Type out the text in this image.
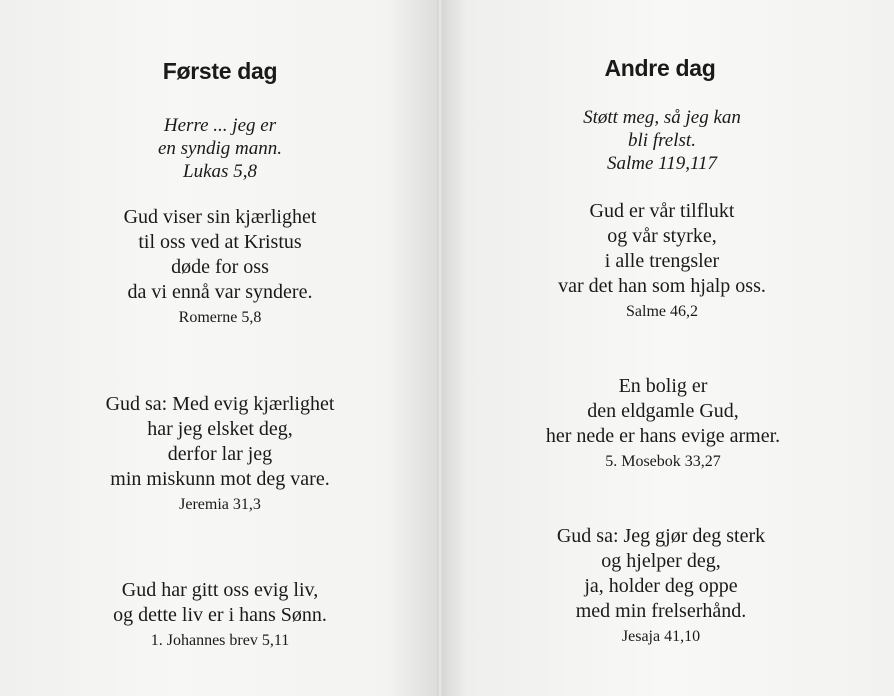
Første dag
Herre ... jeg er
en syndig mann.
Lukas 5,8
Gud viser sin kjærlighet
til oss ved at Kristus
døde for oss
da vi ennå var syndere.
Romerne 5,8
Gud sa: Med evig kjærlighet
har jeg elsket deg,
derfor lar jeg
min miskunn mot deg vare.
Jeremia 31,3
Gud har gitt oss evig liv,
og dette liv er i hans Sønn.
1. Johannes brev 5,11
Andre dag
Støtt meg, så jeg kan
bli frelst.
Salme 119,117
Gud er vår tilflukt
og vår styrke,
i alle trengsler
var det han som hjalp oss.
Salme 46,2
En bolig er
den eldgamle Gud,
her nede er hans evige armer.
5. Mosebok 33,27
Gud sa: Jeg gjør deg sterk
og hjelper deg,
ja, holder deg oppe
med min frelserhånd.
Jesaja 41,10
